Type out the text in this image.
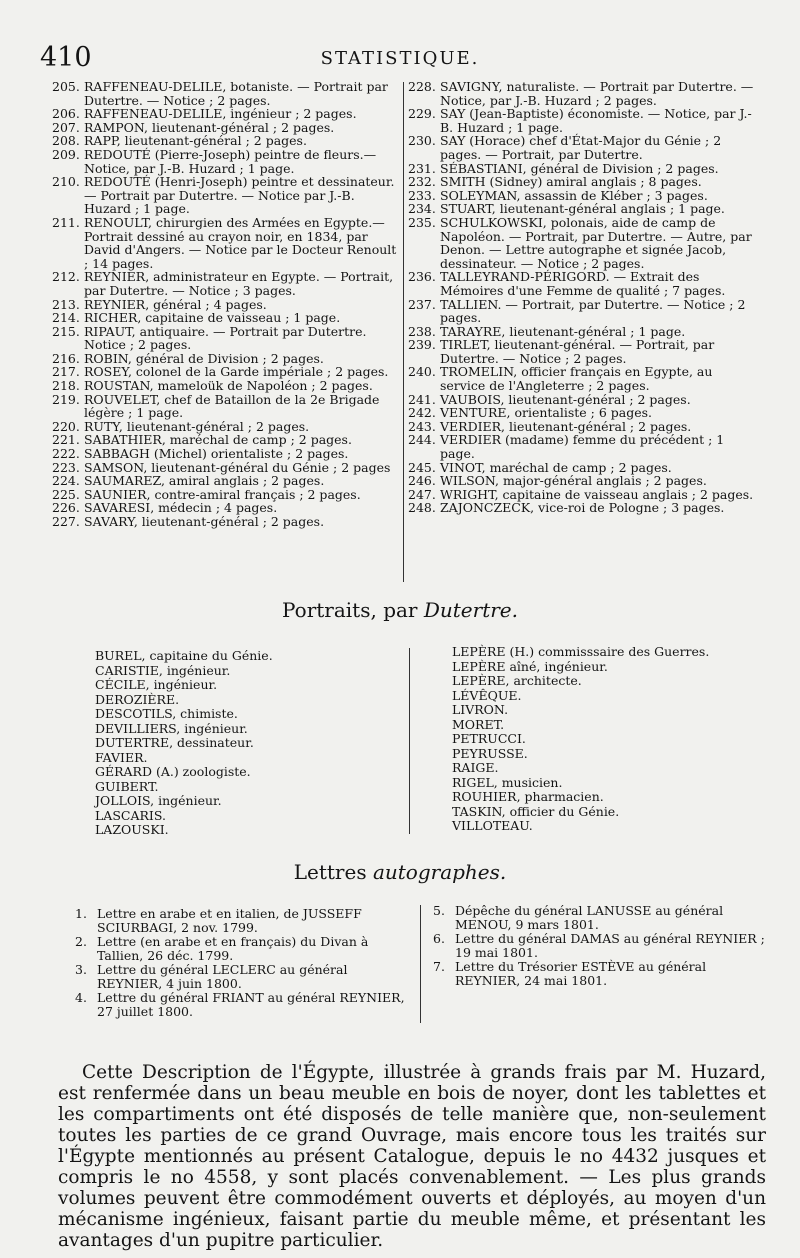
410	STATISTIQUE.
205. RAFFENEAU-DELILE, botaniste. — Portrait par Dutertre. — Notice ; 2 pages.
206. RAFFENEAU-DELILE, ingénieur ; 2 pages.
207. RAMPON, lieutenant-général ; 2 pages.
208. RAPP, lieutenant-général ; 2 pages.
209. REDOUTÉ (Pierre-Joseph) peintre de fleurs.— Notice, par J.-B. Huzard ; 1 page.
210. REDOUTÉ (Henri-Joseph) peintre et dessinateur. — Portrait par Dutertre. — Notice par J.-B. Huzard ; 1 page.
211. RENOULT, chirurgien des Armées en Egypte.— Portrait dessiné au crayon noir, en 1834, par David d'Angers. — Notice par le Docteur Renoult ; 14 pages.
212. REYNIER, administrateur en Egypte. — Portrait, par Dutertre. — Notice ; 3 pages.
213. REYNIER, général ; 4 pages.
214. RICHER, capitaine de vaisseau ; 1 page.
215. RIPAUT, antiquaire. — Portrait par Dutertre. Notice ; 2 pages.
216. ROBIN, général de Division ; 2 pages.
217. ROSEY, colonel de la Garde impériale ; 2 pages.
218. ROUSTAN, mameloük de Napoléon ; 2 pages.
219. ROUVELET, chef de Bataillon de la 2e Brigade légère ; 1 page.
220. RUTY, lieutenant-général ; 2 pages.
221. SABATHIER, maréchal de camp ; 2 pages.
222. SABBAGH (Michel) orientaliste ; 2 pages.
223. SAMSON, lieutenant-général du Génie ; 2 pages
224. SAUMAREZ, amiral anglais ; 2 pages.
225. SAUNIER, contre-amiral français ; 2 pages.
226. SAVARESI, médecin ; 4 pages.
227. SAVARY, lieutenant-général ; 2 pages.
228. SAVIGNY, naturaliste. — Portrait par Dutertre. — Notice, par J.-B. Huzard ; 2 pages.
229. SAY (Jean-Baptiste) économiste. — Notice, par J.-B. Huzard ; 1 page.
230. SAY (Horace) chef d'État-Major du Génie ; 2 pages. — Portrait, par Dutertre.
231. SÉBASTIANI, général de Division ; 2 pages.
232. SMITH (Sidney) amiral anglais ; 8 pages.
233. SOLEYMAN, assassin de Kléber ; 3 pages.
234. STUART, lieutenant-général anglais ; 1 page.
235. SCHULKOWSKI, polonais, aide de camp de Napoléon. — Portrait, par Dutertre. — Autre, par Denon. — Lettre autographe et signée Jacob, dessinateur. — Notice ; 2 pages.
236. TALLEYRAND-PÉRIGORD. — Extrait des Mémoires d'une Femme de qualité ; 7 pages.
237. TALLIEN. — Portrait, par Dutertre. — Notice ; 2 pages.
238. TARAYRE, lieutenant-général ; 1 page.
239. TIRLET, lieutenant-général. — Portrait, par Dutertre. — Notice ; 2 pages.
240. TROMELIN, officier français en Egypte, au service de l'Angleterre ; 2 pages.
241. VAUBOIS, lieutenant-général ; 2 pages.
242. VENTURE, orientaliste ; 6 pages.
243. VERDIER, lieutenant-général ; 2 pages.
244. VERDIER (madame) femme du précédent ; 1 page.
245. VINOT, maréchal de camp ; 2 pages.
246. WILSON, major-général anglais ; 2 pages.
247. WRIGHT, capitaine de vaisseau anglais ; 2 pages.
248. ZAJONCZECK, vice-roi de Pologne ; 3 pages.
Portraits, par Dutertre.
BUREL, capitaine du Génie.
CARISTIE, ingénieur.
CÉCILE, ingénieur.
DEROZIÈRE.
DESCOTILS, chimiste.
DEVILLIERS, ingénieur.
DUTERTRE, dessinateur.
FAVIER.
GÉRARD (A.) zoologiste.
GUIBERT.
JOLLOIS, ingénieur.
LASCARIS.
LAZOUSKI.
LEPÈRE (H.) commisssaire des Guerres.
LEPÈRE aîné, ingénieur.
LEPÈRE, architecte.
LÉVÊQUE.
LIVRON.
MORET.
PETRUCCI.
PEYRUSSE.
RAIGE.
RIGEL, musicien.
ROUHIER, pharmacien.
TASKIN, officier du Génie.
VILLOTEAU.
Lettres autographes.
1. Lettre en arabe et en italien, de JUSSEFF SCIURBAGI, 2 nov. 1799.
2. Lettre (en arabe et en français) du Divan à Tallien, 26 déc. 1799.
3. Lettre du général LECLERC au général REYNIER, 4 juin 1800.
4. Lettre du général FRIANT au général REYNIER, 27 juillet 1800.
5. Dépêche du général LANUSSE au général MENOU, 9 mars 1801.
6. Lettre du général DAMAS au général REYNIER ; 19 mai 1801.
7. Lettre du Trésorier ESTÈVE au général REYNIER, 24 mai 1801.

Cette Description de l'Égypte, illustrée à grands frais par M. Huzard, est renfermée dans un beau meuble en bois de noyer, dont les tablettes et les compartiments ont été disposés de telle manière que, non-seulement toutes les parties de ce grand Ouvrage, mais encore tous les traités sur l'Égypte mentionnés au présent Catalogue, depuis le no 4432 jusques et compris le no 4558, y sont placés convenablement. — Les plus grands volumes peuvent être commodément ouverts et déployés, au moyen d'un mécanisme ingénieux, faisant partie du meuble même, et présentant les avantages d'un pupitre particulier.
